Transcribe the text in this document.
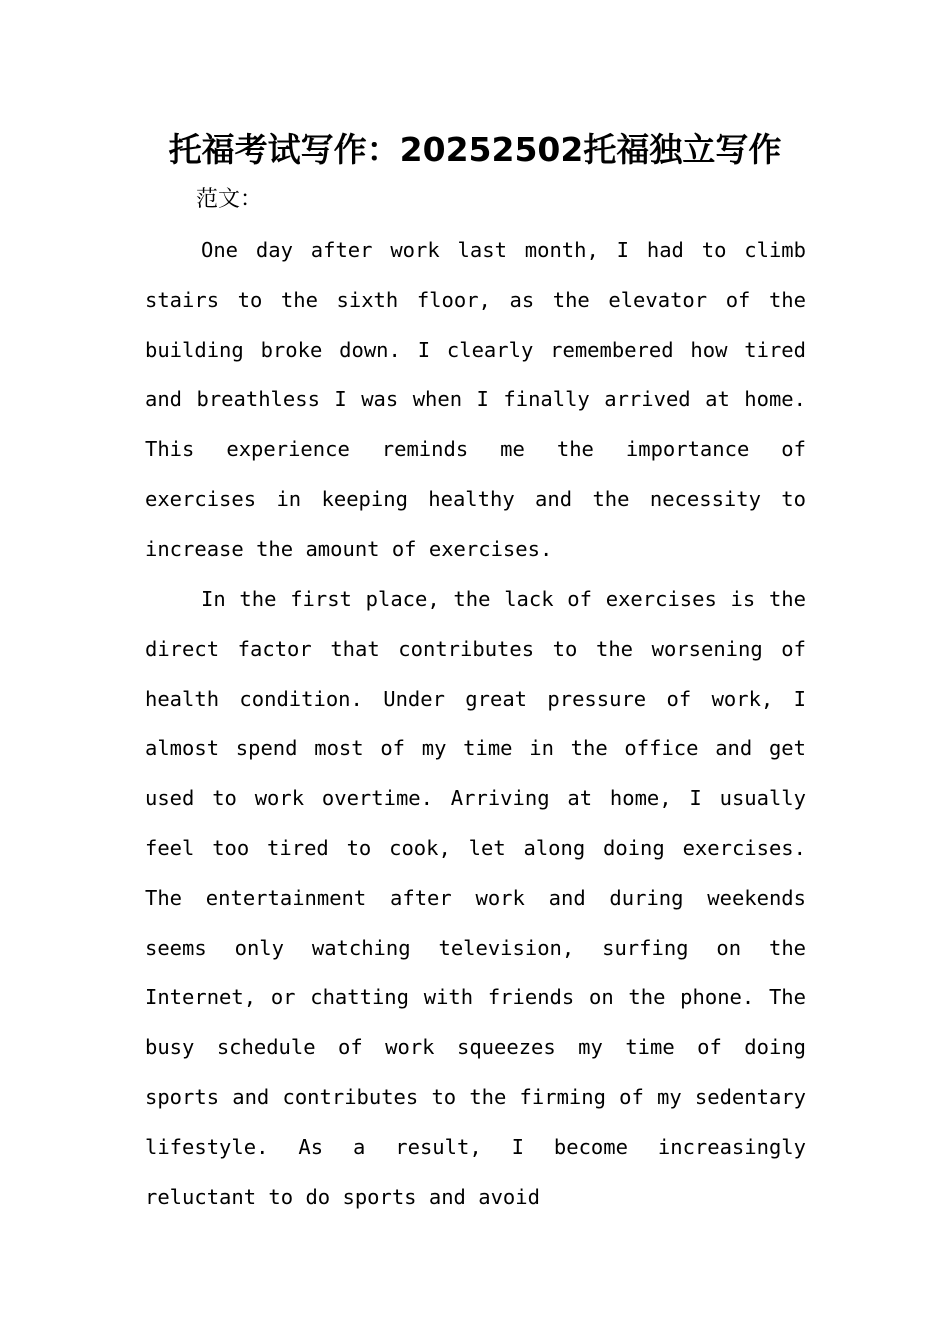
托福考试写作：20252502托福独立写作
范文：

One day after work last month, I had to climb stairs to the sixth floor, as the elevator of the building broke down. I clearly remembered how tired and breathless I was when I finally arrived at home. This experience reminds me the importance of exercises in keeping healthy and the necessity to increase the amount of exercises.

In the first place, the lack of exercises is the direct factor that contributes to the worsening of health condition. Under great pressure of work, I almost spend most of my time in the office and get used to work overtime. Arriving at home, I usually feel too tired to cook, let along doing exercises. The entertainment after work and during weekends seems only watching television, surfing on the Internet, or chatting with friends on the phone. The busy schedule of work squeezes my time of doing sports and contributes to the firming of my sedentary lifestyle. As a result, I become increasingly reluctant to do sports and avoid
